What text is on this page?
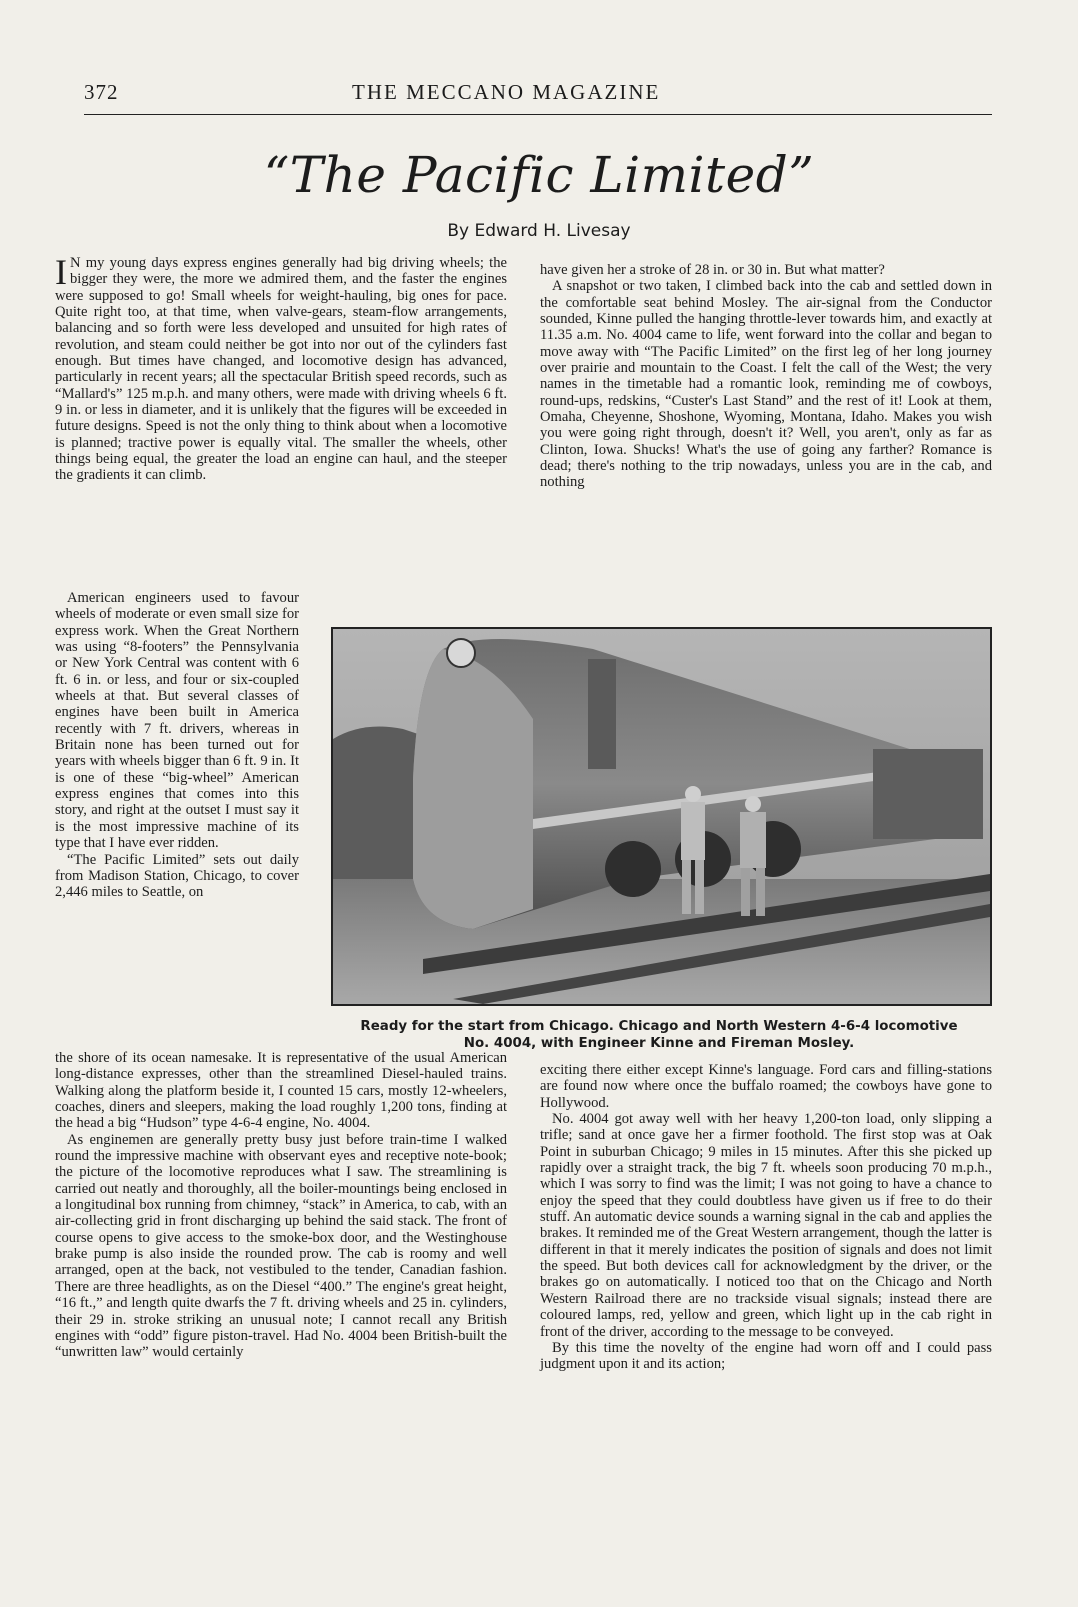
372	THE MECCANO MAGAZINE
“The Pacific Limited”
By Edward H. Livesay

I N my young days express engines generally had big driving wheels; the bigger they were, the more we admired them, and the faster the engines were supposed to go! Small wheels for weight-hauling, big ones for pace. Quite right too, at that time, when valve-gears, steam-flow arrangements, balancing and so forth were less developed and unsuited for high rates of revolution, and steam could neither be got into nor out of the cylinders fast enough. But times have changed, and locomotive design has advanced, particularly in recent years; all the spectacular British speed records, such as “Mallard's” 125 m.p.h. and many others, were made with driving wheels 6 ft. 9 in. or less in diameter, and it is unlikely that the figures will be exceeded in future designs. Speed is not the only thing to think about when a locomotive is planned; tractive power is equally vital. The smaller the wheels, other things being equal, the greater the load an engine can haul, and the steeper the gradients it can climb.

American engineers used to favour wheels of moderate or even small size for express work. When the Great Northern was using “8-footers” the Pennsylvania or New York Central was content with 6 ft. 6 in. or less, and four or six-coupled wheels at that. But several classes of engines have been built in America recently with 7 ft. drivers, whereas in Britain none has been turned out for years with wheels bigger than 6 ft. 9 in. It is one of these “big-wheel” American express engines that comes into this story, and right at the outset I must say it is the most impressive machine of its type that I have ever ridden.

“The Pacific Limited” sets out daily from Madison Station, Chicago, to cover 2,446 miles to Seattle, on

the shore of its ocean namesake. It is representative of the usual American long-distance expresses, other than the streamlined Diesel-hauled trains. Walking along the platform beside it, I counted 15 cars, mostly 12-wheelers, coaches, diners and sleepers, making the load roughly 1,200 tons, finding at the head a big “Hudson” type 4-6-4 engine, No. 4004.

As enginemen are generally pretty busy just before train-time I walked round the impressive machine with observant eyes and receptive note-book; the picture of the locomotive reproduces what I saw. The streamlining is carried out neatly and thoroughly, all the boiler-mountings being enclosed in a longitudinal box running from chimney, “stack” in America, to cab, with an air-collecting grid in front discharging up behind the said stack. The front of course opens to give access to the smoke-box door, and the Westinghouse brake pump is also inside the rounded prow. The cab is roomy and well arranged, open at the back, not vestibuled to the tender, Canadian fashion. There are three headlights, as on the Diesel “400.” The engine's great height, “16 ft.,” and length quite dwarfs the 7 ft. driving wheels and 25 in. cylinders, their 29 in. stroke striking an unusual note; I cannot recall any British engines with “odd” figure piston-travel. Had No. 4004 been British-built the “unwritten law” would certainly

have given her a stroke of 28 in. or 30 in. But what matter?

A snapshot or two taken, I climbed back into the cab and settled down in the comfortable seat behind Mosley. The air-signal from the Conductor sounded, Kinne pulled the hanging throttle-lever towards him, and exactly at 11.35 a.m. No. 4004 came to life, went forward into the collar and began to move away with “The Pacific Limited” on the first leg of her long journey over prairie and mountain to the Coast. I felt the call of the West; the very names in the timetable had a romantic look, reminding me of cowboys, round-ups, redskins, “Custer's Last Stand” and the rest of it! Look at them, Omaha, Cheyenne, Shoshone, Wyoming, Montana, Idaho. Makes you wish you were going right through, doesn't it? Well, you aren't, only as far as Clinton, Iowa. Shucks! What's the use of going any farther? Romance is dead; there's nothing to the trip nowadays, unless you are in the cab, and nothing

Ready for the start from Chicago. Chicago and North Western 4-6-4 locomotive
No. 4004, with Engineer Kinne and Fireman Mosley.

exciting there either except Kinne's language. Ford cars and filling-stations are found now where once the buffalo roamed; the cowboys have gone to Hollywood.

No. 4004 got away well with her heavy 1,200-ton load, only slipping a trifle; sand at once gave her a firmer foothold. The first stop was at Oak Point in suburban Chicago; 9 miles in 15 minutes. After this she picked up rapidly over a straight track, the big 7 ft. wheels soon producing 70 m.p.h., which I was sorry to find was the limit; I was not going to have a chance to enjoy the speed that they could doubtless have given us if free to do their stuff. An automatic device sounds a warning signal in the cab and applies the brakes. It reminded me of the Great Western arrangement, though the latter is different in that it merely indicates the position of signals and does not limit the speed. But both devices call for acknowledgment by the driver, or the brakes go on automatically. I noticed too that on the Chicago and North Western Railroad there are no trackside visual signals; instead there are coloured lamps, red, yellow and green, which light up in the cab right in front of the driver, according to the message to be conveyed.

By this time the novelty of the engine had worn off and I could pass judgment upon it and its action;
